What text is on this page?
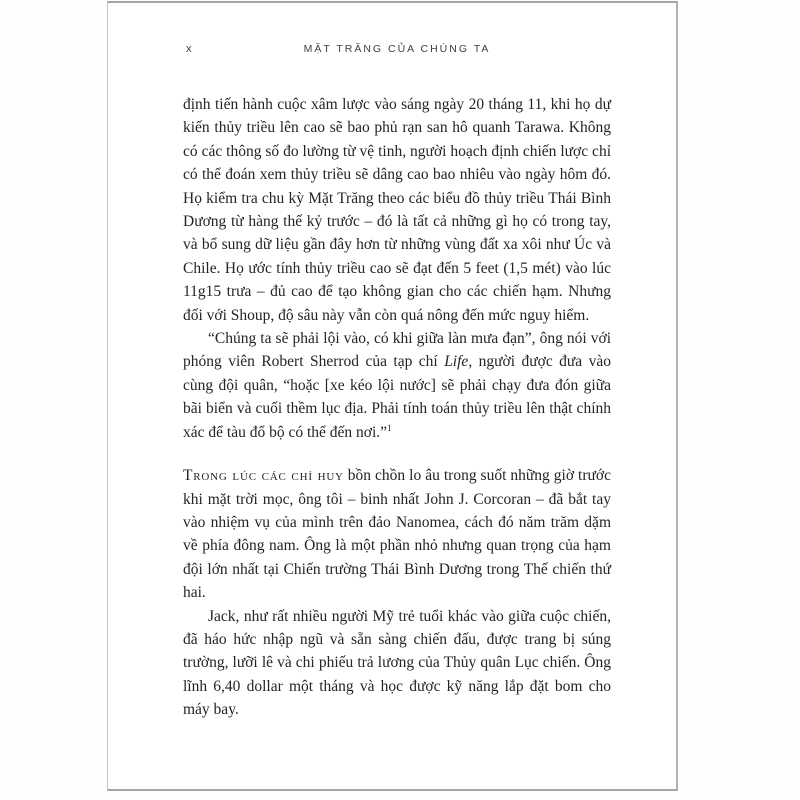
x	MẶT TRĂNG CỦA CHÚNG TA

định tiến hành cuộc xâm lược vào sáng ngày 20 tháng 11, khi họ dự kiến thủy triều lên cao sẽ bao phủ rạn san hô quanh Tarawa. Không có các thông số đo lường từ vệ tinh, người hoạch định chiến lược chỉ có thể đoán xem thủy triều sẽ dâng cao bao nhiêu vào ngày hôm đó. Họ kiểm tra chu kỳ Mặt Trăng theo các biểu đồ thủy triều Thái Bình Dương từ hàng thế kỷ trước – đó là tất cả những gì họ có trong tay, và bổ sung dữ liệu gần đây hơn từ những vùng đất xa xôi như Úc và Chile. Họ ước tính thủy triều cao sẽ đạt đến 5 feet (1,5 mét) vào lúc 11g15 trưa – đủ cao để tạo không gian cho các chiến hạm. Nhưng đối với Shoup, độ sâu này vẫn còn quá nông đến mức nguy hiểm.

“Chúng ta sẽ phải lội vào, có khi giữa làn mưa đạn”, ông nói với phóng viên Robert Sherrod của tạp chí Life, người được đưa vào cùng đội quân, “hoặc [xe kéo lội nước] sẽ phải chạy đưa đón giữa bãi biển và cuối thềm lục địa. Phải tính toán thủy triều lên thật chính xác để tàu đổ bộ có thể đến nơi.”$^1$

Trong lúc các chỉ huy bồn chồn lo âu trong suốt những giờ trước khi mặt trời mọc, ông tôi – binh nhất John J. Corcoran – đã bắt tay vào nhiệm vụ của mình trên đảo Nanomea, cách đó năm trăm dặm về phía đông nam. Ông là một phần nhỏ nhưng quan trọng của hạm đội lớn nhất tại Chiến trường Thái Bình Dương trong Thế chiến thứ hai.

Jack, như rất nhiều người Mỹ trẻ tuổi khác vào giữa cuộc chiến, đã háo hức nhập ngũ và sẵn sàng chiến đấu, được trang bị súng trường, lưỡi lê và chi phiếu trả lương của Thủy quân Lục chiến. Ông lĩnh 6,40 dollar một tháng và học được kỹ năng lắp đặt bom cho máy bay.
